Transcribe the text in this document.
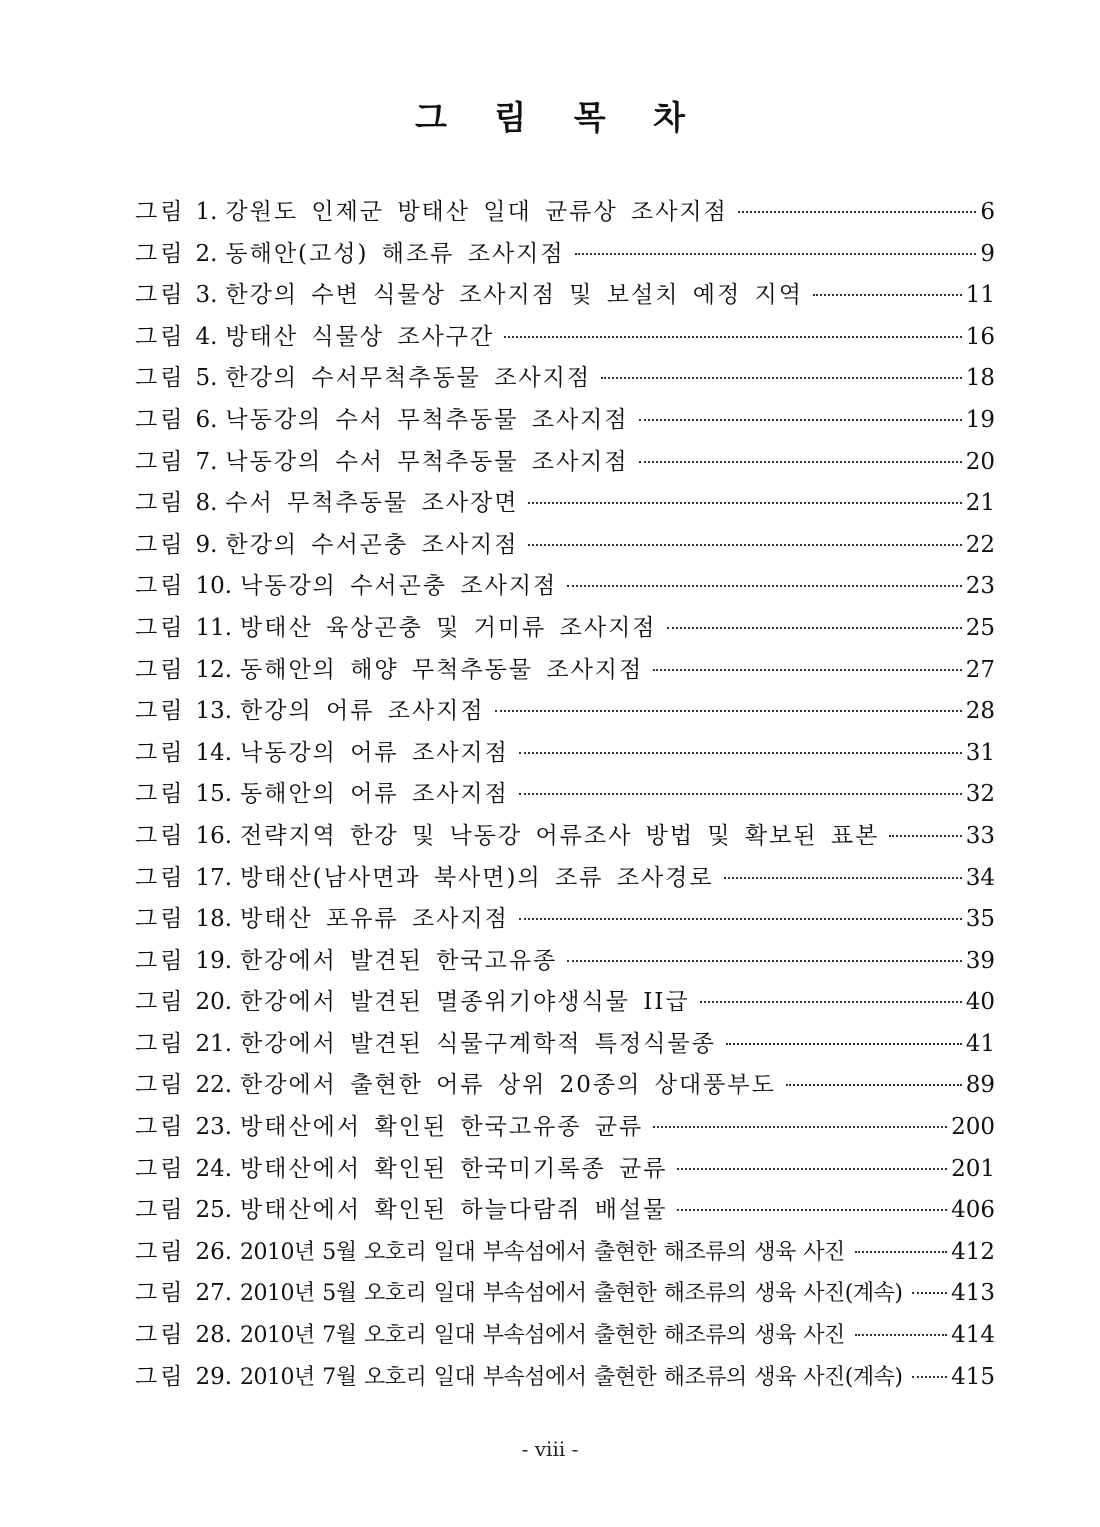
그 림 목 차
그림 1. 강원도 인제군 방태산 일대 균류상 조사지점	6
그림 2. 동해안(고성) 해조류 조사지점	9
그림 3. 한강의 수변 식물상 조사지점 및 보설치 예정 지역	11
그림 4. 방태산 식물상 조사구간	16
그림 5. 한강의 수서무척추동물 조사지점	18
그림 6. 낙동강의 수서 무척추동물 조사지점	19
그림 7. 낙동강의 수서 무척추동물 조사지점	20
그림 8. 수서 무척추동물 조사장면	21
그림 9. 한강의 수서곤충 조사지점	22
그림 10. 낙동강의 수서곤충 조사지점	23
그림 11. 방태산 육상곤충 및 거미류 조사지점	25
그림 12. 동해안의 해양 무척추동물 조사지점	27
그림 13. 한강의 어류 조사지점	28
그림 14. 낙동강의 어류 조사지점	31
그림 15. 동해안의 어류 조사지점	32
그림 16. 전략지역 한강 및 낙동강 어류조사 방법 및 확보된 표본	33
그림 17. 방태산(남사면과 북사면)의 조류 조사경로	34
그림 18. 방태산 포유류 조사지점	35
그림 19. 한강에서 발견된 한국고유종	39
그림 20. 한강에서 발견된 멸종위기야생식물 II급	40
그림 21. 한강에서 발견된 식물구계학적 특정식물종	41
그림 22. 한강에서 출현한 어류 상위 20종의 상대풍부도	89
그림 23. 방태산에서 확인된 한국고유종 균류	200
그림 24. 방태산에서 확인된 한국미기록종 균류	201
그림 25. 방태산에서 확인된 하늘다람쥐 배설물	406
그림 26. 2010년 5월 오호리 일대 부속섬에서 출현한 해조류의 생육 사진	412
그림 27. 2010년 5월 오호리 일대 부속섬에서 출현한 해조류의 생육 사진(계속) 413
그림 28. 2010년 7월 오호리 일대 부속섬에서 출현한 해조류의 생육 사진	414
그림 29. 2010년 7월 오호리 일대 부속섬에서 출현한 해조류의 생육 사진(계속) 415
- viii -
